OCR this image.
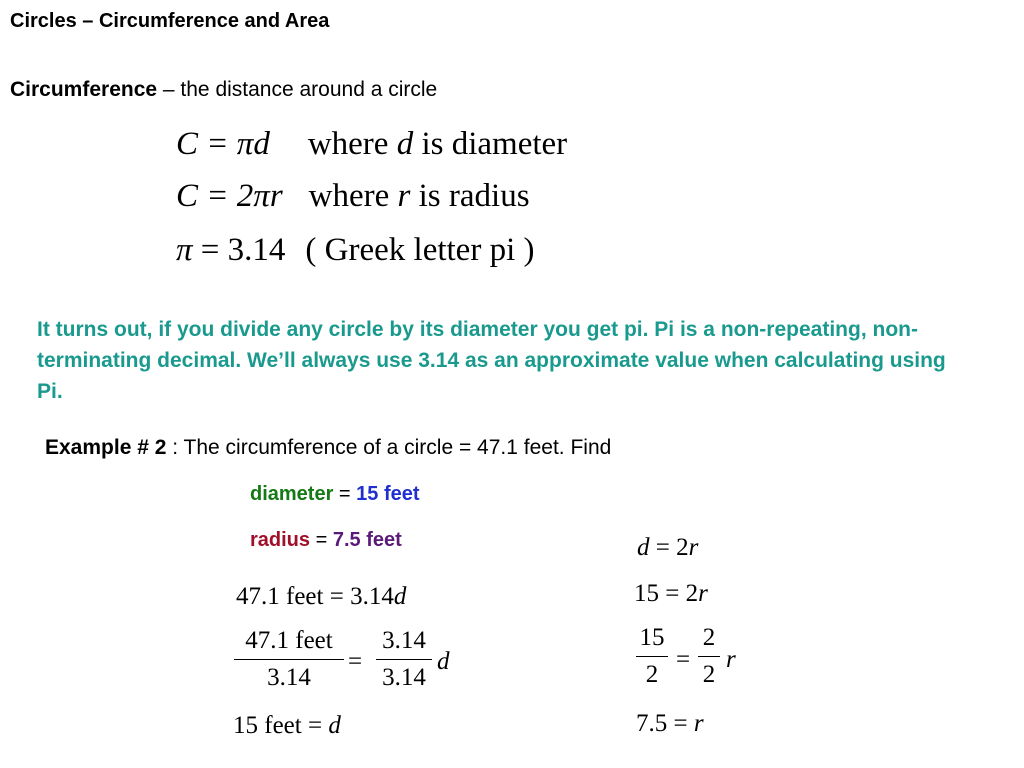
Circles – Circumference and Area
Circumference – the distance around a circle
C = πd where d is diameter
C = 2πr where r is radius
π = 3.14 ( Greek letter pi )
It turns out, if you divide any circle by its diameter you get pi. Pi is a non-repeating, non-terminating decimal. We’ll always use 3.14 as an approximate value when calculating using Pi.
Example # 2 : The circumference of a circle = 47.1 feet. Find
diameter = 15 feet
radius = 7.5 feet
47.1 feet = 3.14d
47.1 feet
3.14
= $\frac{3.14}{3.14}$ d
15 feet = d
d = 2r
15 = 2r
$\frac{15}{2} = \frac{2}{2}$ r
7.5 = r
